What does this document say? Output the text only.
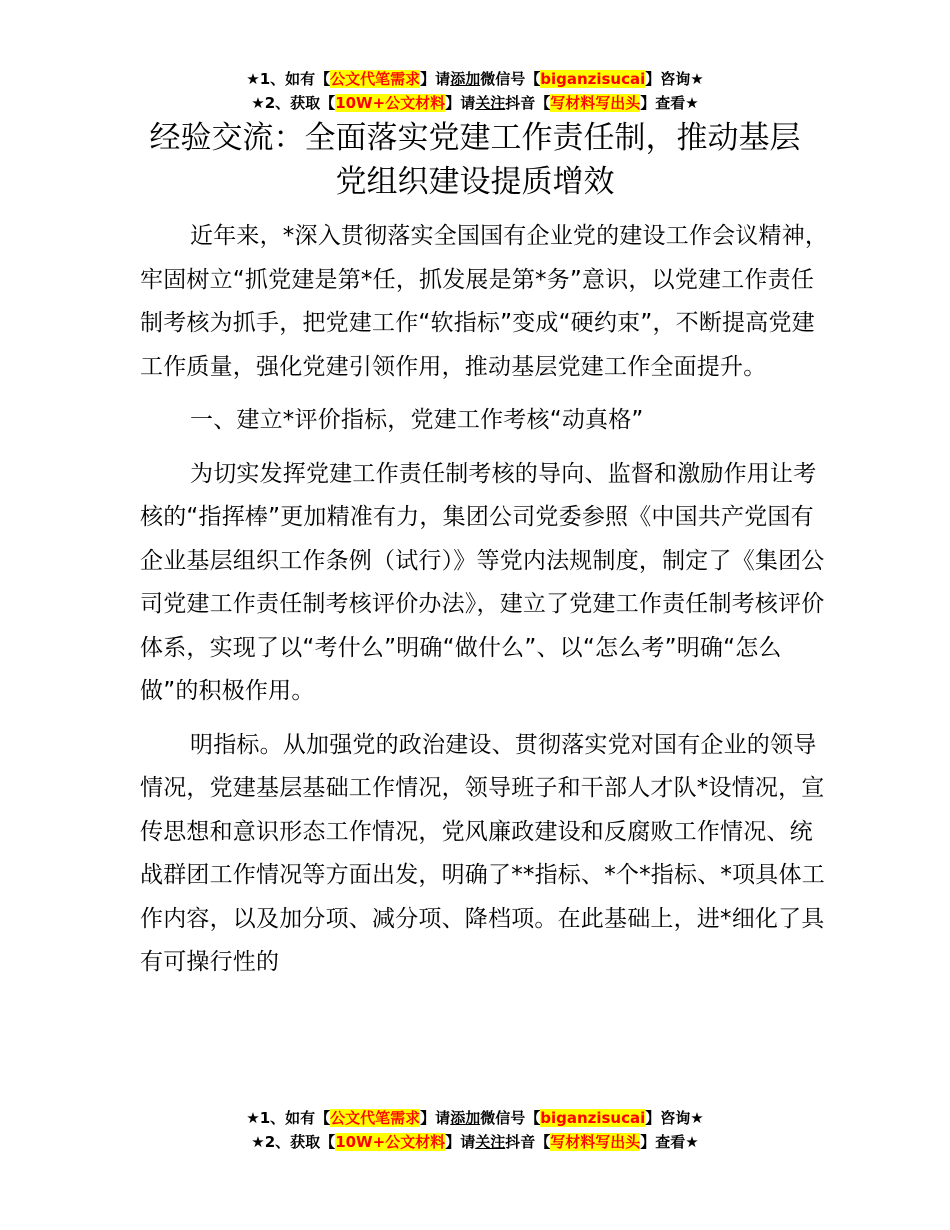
★1、如有【公文代笔需求】请添加微信号【biganzisucai】咨询★
★2、获取【10W+公文材料】请关注抖音【写材料写出头】查看★
经验交流：全面落实党建工作责任制，推动基层党组织建设提质增效

近年来，*深入贯彻落实全国国有企业党的建设工作会议精神，牢固树立“抓党建是第*任，抓发展是第*务”意识，以党建工作责任制考核为抓手，把党建工作“软指标”变成“硬约束”，不断提高党建工作质量，强化党建引领作用，推动基层党建工作全面提升。

一、建立*评价指标，党建工作考核“动真格”

为切实发挥党建工作责任制考核的导向、监督和激励作用让考核的“指挥棒”更加精准有力，集团公司党委参照《中国共产党国有企业基层组织工作条例（试行）》等党内法规制度，制定了《集团公司党建工作责任制考核评价办法》，建立了党建工作责任制考核评价体系，实现了以“考什么”明确“做什么”、以“怎么考”明确“怎么做”的积极作用。

明指标。从加强党的政治建设、贯彻落实党对国有企业的领导情况，党建基层基础工作情况，领导班子和干部人才队*设情况，宣传思想和意识形态工作情况，党风廉政建设和反腐败工作情况、统战群团工作情况等方面出发，明确了**指标、*个*指标、*项具体工作内容，以及加分项、减分项、降档项。在此基础上，进*细化了具有可操行性的

★1、如有【公文代笔需求】请添加微信号【biganzisucai】咨询★
★2、获取【10W+公文材料】请关注抖音【写材料写出头】查看★
